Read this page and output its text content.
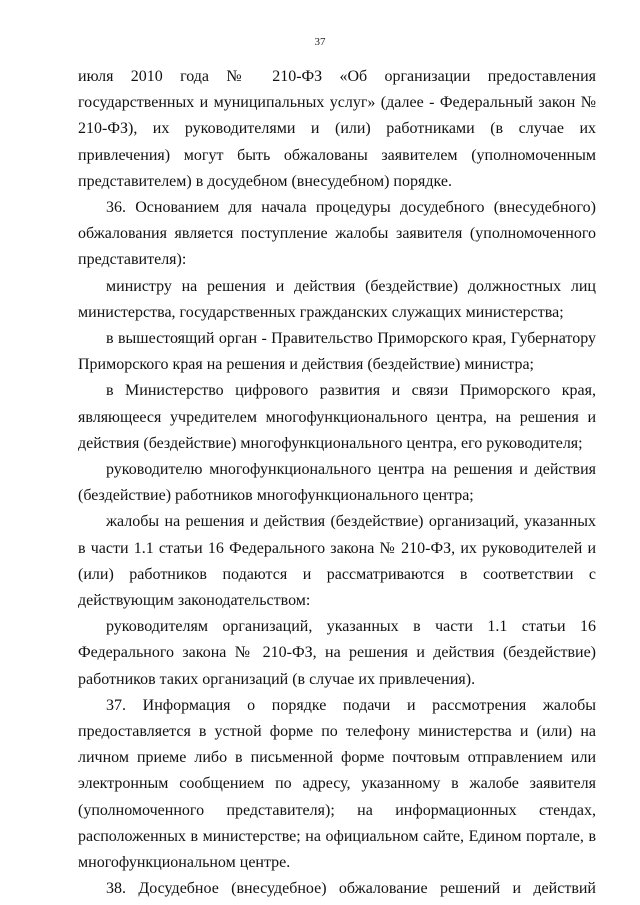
37

июля 2010 года № 210-ФЗ «Об организации предоставления государственных и муниципальных услуг» (далее - Федеральный закон № 210-ФЗ), их руководителями и (или) работниками (в случае их привлечения) могут быть обжалованы заявителем (уполномоченным представителем) в досудебном (внесудебном) порядке.

36. Основанием для начала процедуры досудебного (внесудебного) обжалования является поступление жалобы заявителя (уполномоченного представителя):

министру на решения и действия (бездействие) должностных лиц министерства, государственных гражданских служащих министерства;

в вышестоящий орган - Правительство Приморского края, Губернатору Приморского края на решения и действия (бездействие) министра;

в Министерство цифрового развития и связи Приморского края, являющееся учредителем многофункционального центра, на решения и действия (бездействие) многофункционального центра, его руководителя;

руководителю многофункционального центра на решения и действия (бездействие) работников многофункционального центра;

жалобы на решения и действия (бездействие) организаций, указанных в части 1.1 статьи 16 Федерального закона № 210-ФЗ, их руководителей и (или) работников подаются и рассматриваются в соответствии с действующим законодательством:

руководителям организаций, указанных в части 1.1 статьи 16 Федерального закона № 210-ФЗ, на решения и действия (бездействие) работников таких организаций (в случае их привлечения).

37. Информация о порядке подачи и рассмотрения жалобы предоставляется в устной форме по телефону министерства и (или) на личном приеме либо в письменной форме почтовым отправлением или электронным сообщением по адресу, указанному в жалобе заявителя (уполномоченного представителя); на информационных стендах, расположенных в министерстве; на официальном сайте, Едином портале, в многофункциональном центре.

38. Досудебное (внесудебное) обжалование решений и действий
